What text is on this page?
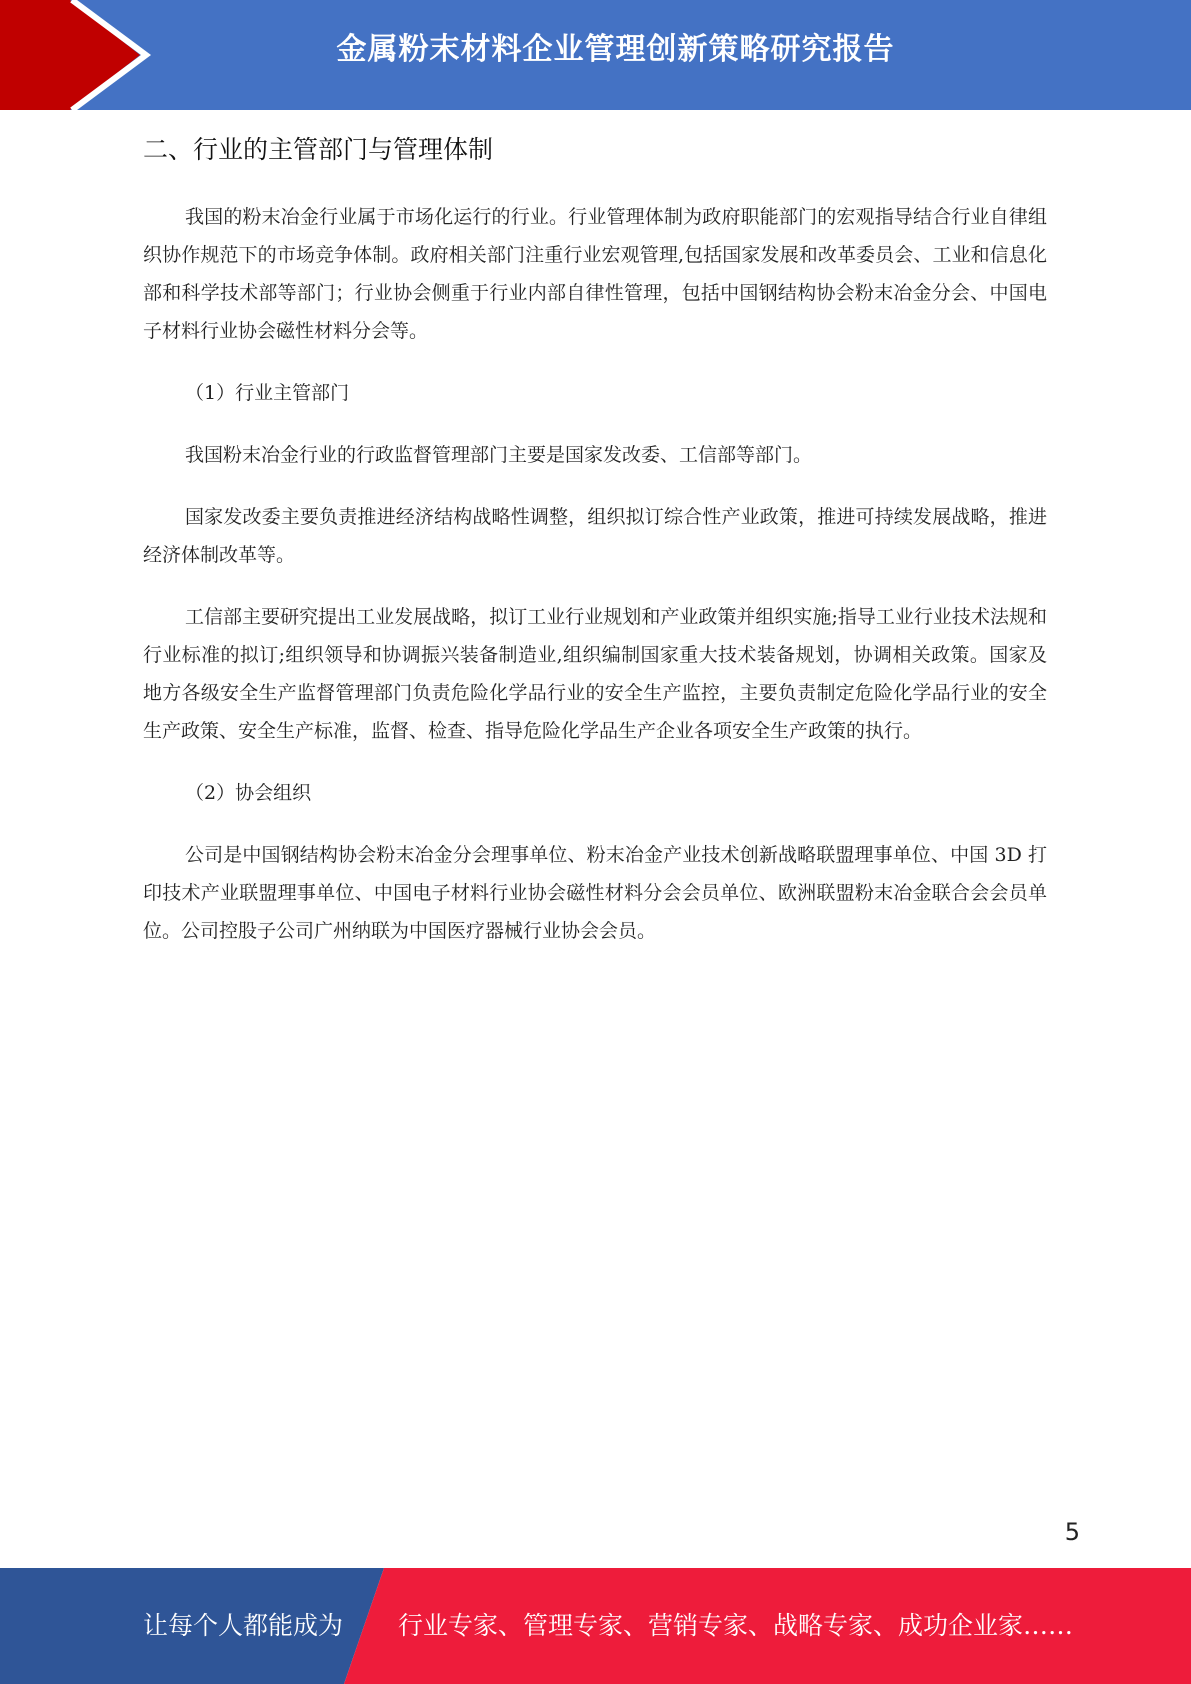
金属粉末材料企业管理创新策略研究报告
二、行业的主管部门与管理体制

我国的粉末冶金行业属于市场化运行的行业。行业管理体制为政府职能部门的宏观指导结合行业自律组织协作规范下的市场竞争体制。政府相关部门注重行业宏观管理,包括国家发展和改革委员会、工业和信息化部和科学技术部等部门；行业协会侧重于行业内部自律性管理，包括中国钢结构协会粉末冶金分会、中国电子材料行业协会磁性材料分会等。

（1）行业主管部门

我国粉末冶金行业的行政监督管理部门主要是国家发改委、工信部等部门。

国家发改委主要负责推进经济结构战略性调整，组织拟订综合性产业政策，推进可持续发展战略，推进经济体制改革等。

工信部主要研究提出工业发展战略，拟订工业行业规划和产业政策并组织实施;指导工业行业技术法规和行业标准的拟订;组织领导和协调振兴装备制造业,组织编制国家重大技术装备规划，协调相关政策。国家及地方各级安全生产监督管理部门负责危险化学品行业的安全生产监控，主要负责制定危险化学品行业的安全生产政策、安全生产标准，监督、检查、指导危险化学品生产企业各项安全生产政策的执行。

（2）协会组织

公司是中国钢结构协会粉末冶金分会理事单位、粉末冶金产业技术创新战略联盟理事单位、中国 3D 打印技术产业联盟理事单位、中国电子材料行业协会磁性材料分会会员单位、欧洲联盟粉末冶金联合会会员单位。公司控股子公司广州纳联为中国医疗器械行业协会会员。

5
让每个人都能成为 行业专家、管理专家、营销专家、战略专家、成功企业家……
